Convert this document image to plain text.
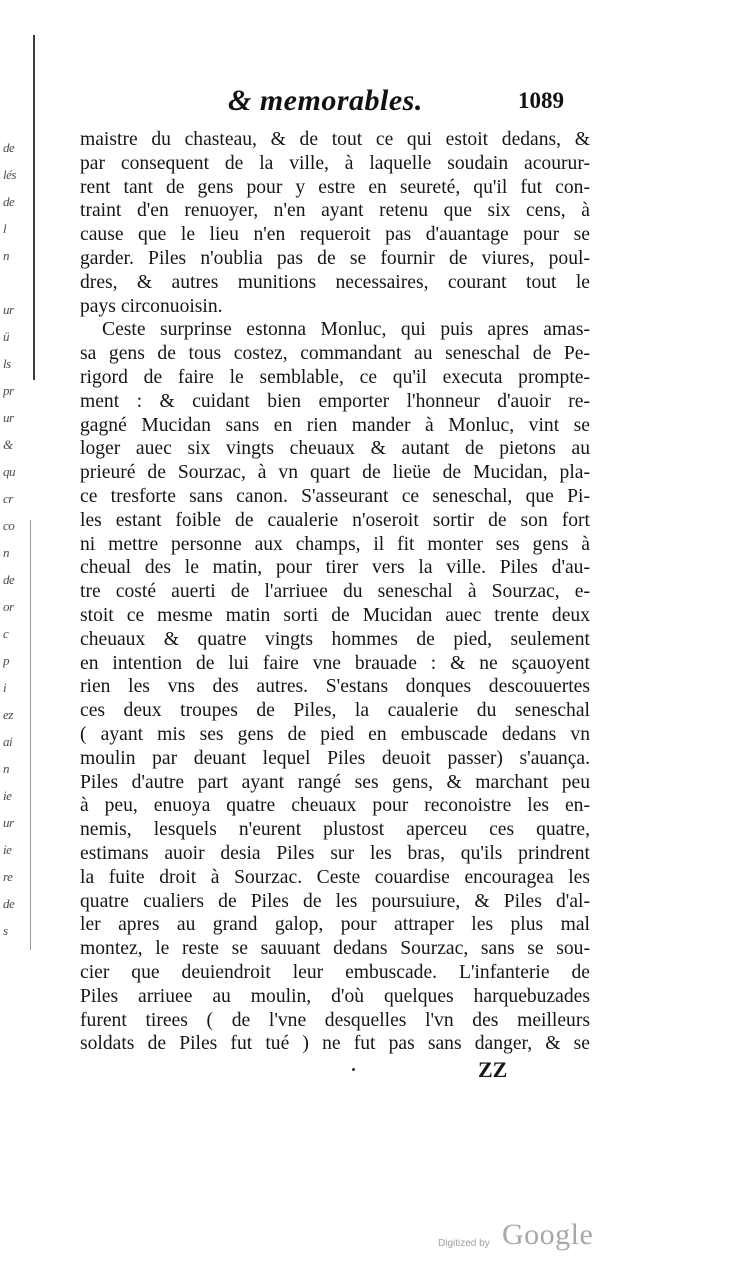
de
lés
de
l
n
ur
ü
ls
pr
ur
&
qu
cr
co
n
de
or
c
p
i
ez
ai
n
ie
ur
ie
re
de
s
& memorables.	1089
maistre du chasteau, & de tout ce qui estoit dedans, &
par consequent de la ville, à laquelle soudain acourur-
rent tant de gens pour y estre en seureté, qu'il fut con-
traint d'en renuoyer, n'en ayant retenu que six cens, à
cause que le lieu n'en requeroit pas d'auantage pour se
garder. Piles n'oublia pas de se fournir de viures, poul-
dres, & autres munitions necessaires, courant tout le
pays circonuoisin.
Ceste surprinse estonna Monluc, qui puis apres amas-
sa gens de tous costez, commandant au seneschal de Pe-
rigord de faire le semblable, ce qu'il executa prompte-
ment : & cuidant bien emporter l'honneur d'auoir re-
gagné Mucidan sans en rien mander à Monluc, vint se
loger auec six vingts cheuaux & autant de pietons au
prieuré de Sourzac, à vn quart de lieüe de Mucidan, pla-
ce tresforte sans canon. S'asseurant ce seneschal, que Pi-
les estant foible de caualerie n'oseroit sortir de son fort
ni mettre personne aux champs, il fit monter ses gens à
cheual des le matin, pour tirer vers la ville. Piles d'au-
tre costé auerti de l'arriuee du seneschal à Sourzac, e-
stoit ce mesme matin sorti de Mucidan auec trente deux
cheuaux & quatre vingts hommes de pied, seulement
en intention de lui faire vne brauade : & ne sçauoyent
rien les vns des autres. S'estans donques descouuertes
ces deux troupes de Piles, la caualerie du seneschal
( ayant mis ses gens de pied en embuscade dedans vn
moulin par deuant lequel Piles deuoit passer) s'auança.
Piles d'autre part ayant rangé ses gens, & marchant peu
à peu, enuoya quatre cheuaux pour reconoistre les en-
nemis, lesquels n'eurent plustost aperceu ces quatre,
estimans auoir desia Piles sur les bras, qu'ils prindrent
la fuite droit à Sourzac. Ceste couardise encouragea les
quatre cualiers de Piles de les poursuiure, & Piles d'al-
ler apres au grand galop, pour attraper les plus mal
montez, le reste se sauuant dedans Sourzac, sans se sou-
cier que deuiendroit leur embuscade. L'infanterie de
Piles arriuee au moulin, d'où quelques harquebuzades
furent tirees ( de l'vne desquelles l'vn des meilleurs
soldats de Piles fut tué ) ne fut pas sans danger, & se
ZZ
Digitized by Google
